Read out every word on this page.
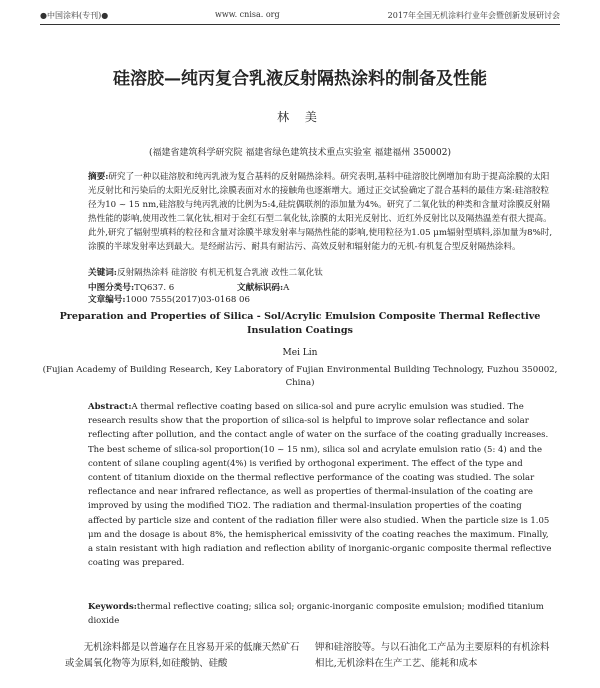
●中国涂料(专刊)●	www. cnisa. org	2017年全国无机涂料行业年会暨创新发展研讨会
硅溶胶—纯丙复合乳液反射隔热涂料的制备及性能
林 美
(福建省建筑科学研究院 福建省绿色建筑技术重点实验室 福建福州 350002)
摘要:研究了一种以硅溶胶和纯丙乳液为复合基料的反射隔热涂料。研究表明,基料中硅溶胶比例增加有助于提高涂膜的太阳光反射比和污染后的太阳光反射比,涂膜表面对水的接触角也逐渐增大。通过正交试验确定了混合基料的最佳方案:硅溶胶粒径为10 ~ 15 nm,硅溶胶与纯丙乳液的比例为5:4,硅烷偶联剂的添加量为4%。研究了二氧化钛的种类和含量对涂膜反射隔热性能的影响,使用改性二氧化钛,相对于金红石型二氧化钛,涂膜的太阳光反射比、近红外反射比以及隔热温差有很大提高。此外,研究了辐射型填料的粒径和含量对涂膜半球发射率与隔热性能的影响,使用粒径为1.05 μm辐射型填料,添加量为8%时,涂膜的半球发射率达到最大。是经耐沾污、耐具有耐沾污、高效反射和辐射能力的无机-有机复合型反射隔热涂料。
关键词:反射隔热涂料 硅溶胶 有机无机复合乳液 改性二氧化钛
中图分类号:TQ637. 6	文献标识码:A 文章编号:1000 7555(2017)03-0168 06
Preparation and Properties of Silica - Sol/Acrylic Emulsion Composite Thermal Reflective Insulation Coatings
Mei Lin
(Fujian Academy of Building Research, Key Laboratory of Fujian Environmental Building Technology, Fuzhou 350002, China)
Abstract:A thermal reflective coating based on silica-sol and pure acrylic emulsion was studied. The research results show that the proportion of silica-sol is helpful to improve solar reflectance and solar reflecting after pollution, and the contact angle of water on the surface of the coating gradually increases. The best scheme of silica-sol proportion(10 ~ 15 nm), silica sol and acrylate emulsion ratio (5: 4) and the content of silane coupling agent(4%) is verified by orthogonal experiment. The effect of the type and content of titanium dioxide on the thermal reflective performance of the coating was studied. The solar reflectance and near infrared reflectance, as well as properties of thermal-insulation of the coating are improved by using the modified TiO2. The radiation and thermal-insulation properties of the coating affected by particle size and content of the radiation filler were also studied. When the particle size is 1.05 μm and the dosage is about 8%, the hemispherical emissivity of the coating reaches the maximum. Finally, a stain resistant with high radiation and reflection ability of inorganic-organic composite thermal reflective coating was prepared.
Keywords:thermal reflective coating; silica sol; organic-inorganic composite emulsion; modified titanium dioxide
无机涂料都是以普遍存在且容易开采的低廉天然矿石或金属氧化物等为原料,如硅酸钠、硅酸
钾和硅溶胶等。与以石油化工产品为主要原料的有机涂料相比,无机涂料在生产工艺、能耗和成本
